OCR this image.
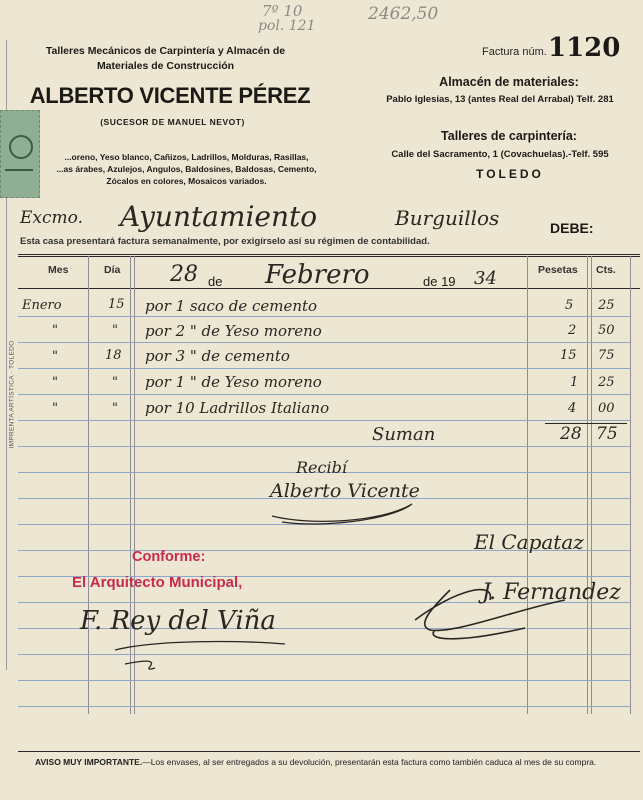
7º 10
pol. 121
2462,50
Talleres Mecánicos de Carpintería y Almacén de
Materiales de Construcción
ALBERTO VICENTE PÉREZ
(SUCESOR DE MANUEL NEVOT)
...oreno, Yeso blanco, Cañizos, Ladrillos, Molduras, Rasillas,
...as árabes, Azulejos, Angulos, Baldosines, Baldosas, Cemento,
Zócalos en colores, Mosaicos variados.
Factura núm. 1120
Almacén de materiales:
Pablo Iglesias, 13 (antes Real del Arrabal) Telf. 281
Talleres de carpintería:
Calle del Sacramento, 1 (Covachuelas).-Telf. 595
TOLEDO
Excmo. Ayuntamiento	Burguillos	DEBE:
Esta casa presentará factura semanalmente, por exigírselo así su régimen de contabilidad.
IMPRENTA ARTÍSTICA · TOLEDO
Mes	Día	Pesetas Cts.
28 de Febrero	de 19 34
Enero	15 por 1 saco de cemento	5 25
"	" por 2 " de Yeso moreno	2 50
"	18 por 3 " de cemento	15 75
"	" por 1 " de Yeso moreno	1 25
"	" por 10 Ladrillos Italiano	4 00
Suman	28 75
Recibí
Alberto Vicente
El Capataz
J. Fernandez
Conforme:
El Arquitecto Municipal,
F. Rey del Viña
AVISO MUY IMPORTANTE.—Los envases, al ser entregados a su devolución, presentarán esta factura como también caduca al mes de su compra.
